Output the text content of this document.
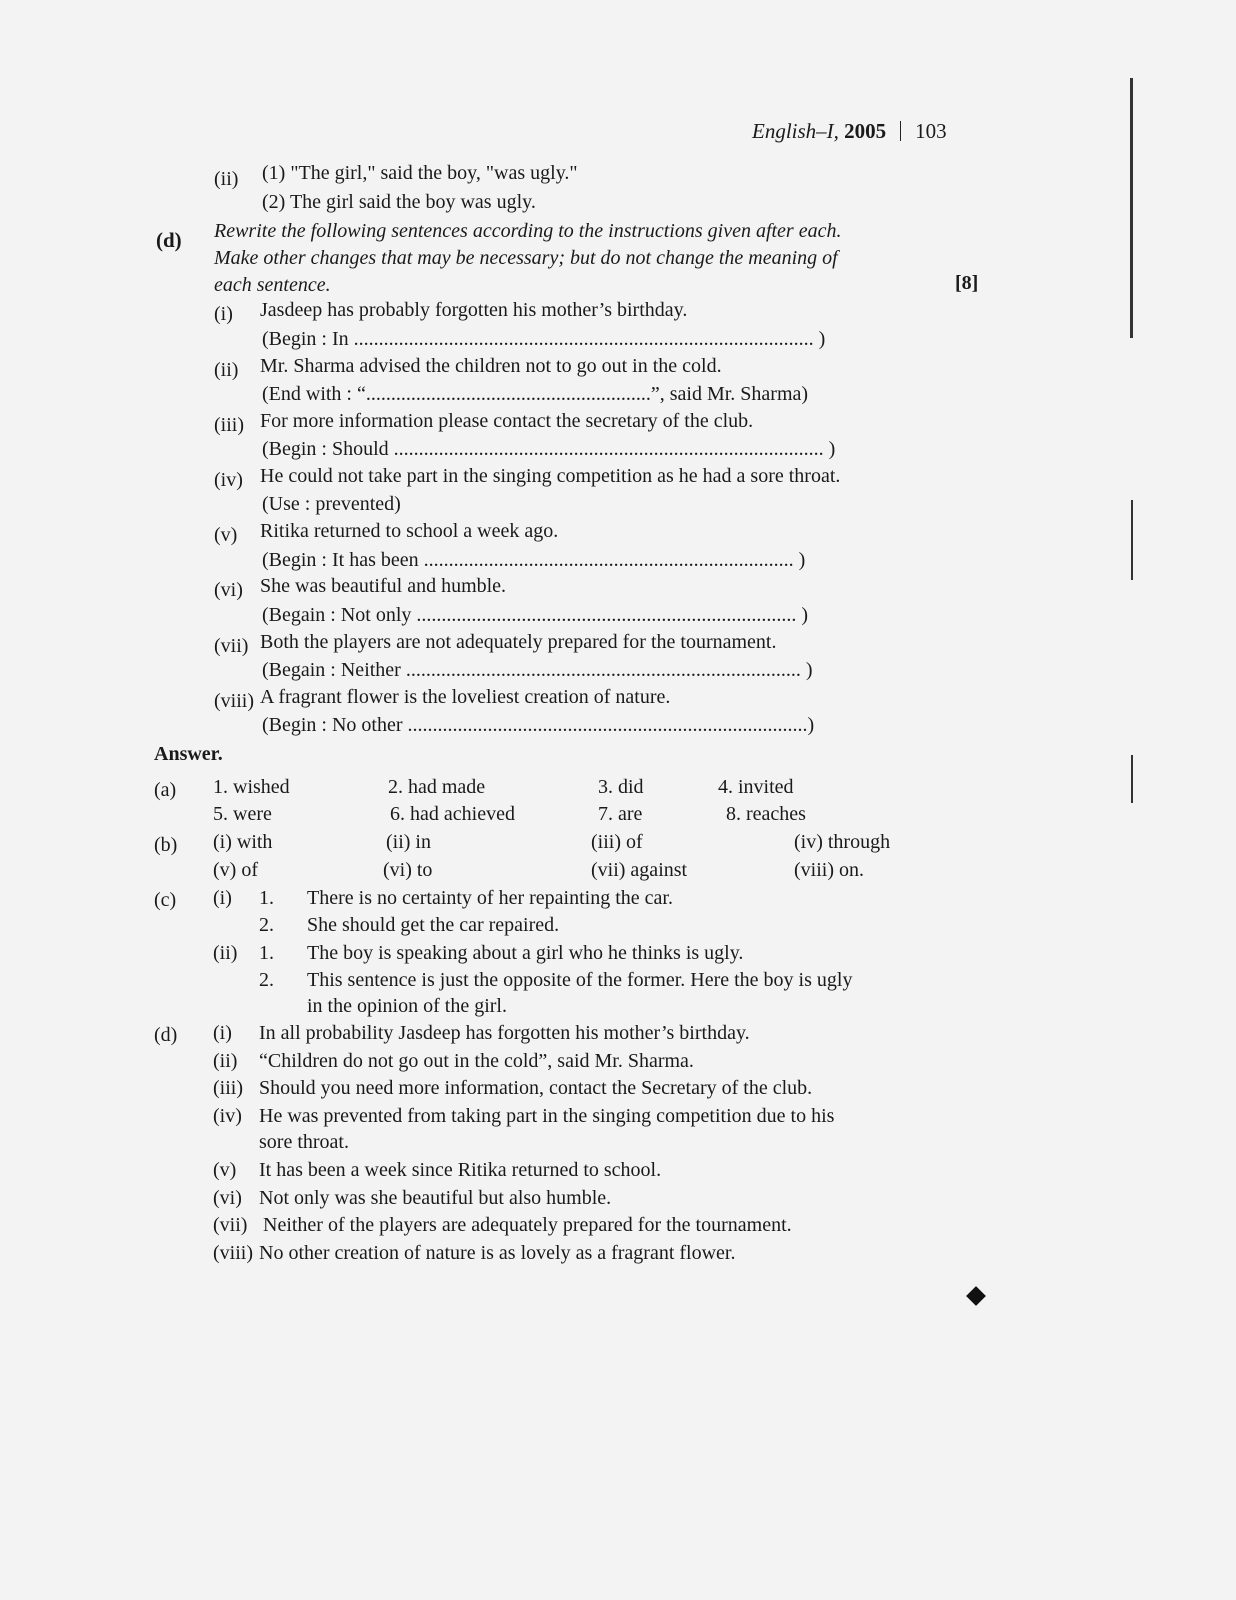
English–I, 2005 103
(ii) (1) "The girl," said the boy, "was ugly."
(2) The girl said the boy was ugly.
(d) Rewrite the following sentences according to the instructions given after each.
Make other changes that may be necessary; but do not change the meaning of
each sentence.	[8]
(i) Jasdeep has probably forgotten his mother’s birthday.
(Begin : In ............................................................................................ )
(ii) Mr. Sharma advised the children not to go out in the cold.
(End with : “.........................................................”, said Mr. Sharma)
(iii) For more information please contact the secretary of the club.
(Begin : Should ...................................................................................... )
(iv) He could not take part in the singing competition as he had a sore throat.
(Use : prevented)
(v) Ritika returned to school a week ago.
(Begin : It has been .......................................................................... )
(vi) She was beautiful and humble.
(Begain : Not only ............................................................................ )
(vii) Both the players are not adequately prepared for the tournament.
(Begain : Neither ............................................................................... )
(viii) A fragrant flower is the loveliest creation of nature.
(Begin : No other ................................................................................)
Answer.
(a) 1. wished	2. had made	3. did	4. invited
5. were	6. had achieved	7. are	8. reaches
(b) (i) with	(ii) in	(iii) of	(iv) through
(v) of	(vi) to	(vii) against	(viii) on.
(c) (i) 1. There is no certainty of her repainting the car.
2. She should get the car repaired.
(ii) 1. The boy is speaking about a girl who he thinks is ugly.
2. This sentence is just the opposite of the former. Here the boy is ugly
in the opinion of the girl.
(d) (i) In all probability Jasdeep has forgotten his mother’s birthday.
(ii) “Children do not go out in the cold”, said Mr. Sharma.
(iii) Should you need more information, contact the Secretary of the club.
(iv) He was prevented from taking part in the singing competition due to his
sore throat.
(v) It has been a week since Ritika returned to school.
(vi) Not only was she beautiful but also humble.
(vii) Neither of the players are adequately prepared for the tournament.
(viii) No other creation of nature is as lovely as a fragrant flower.
